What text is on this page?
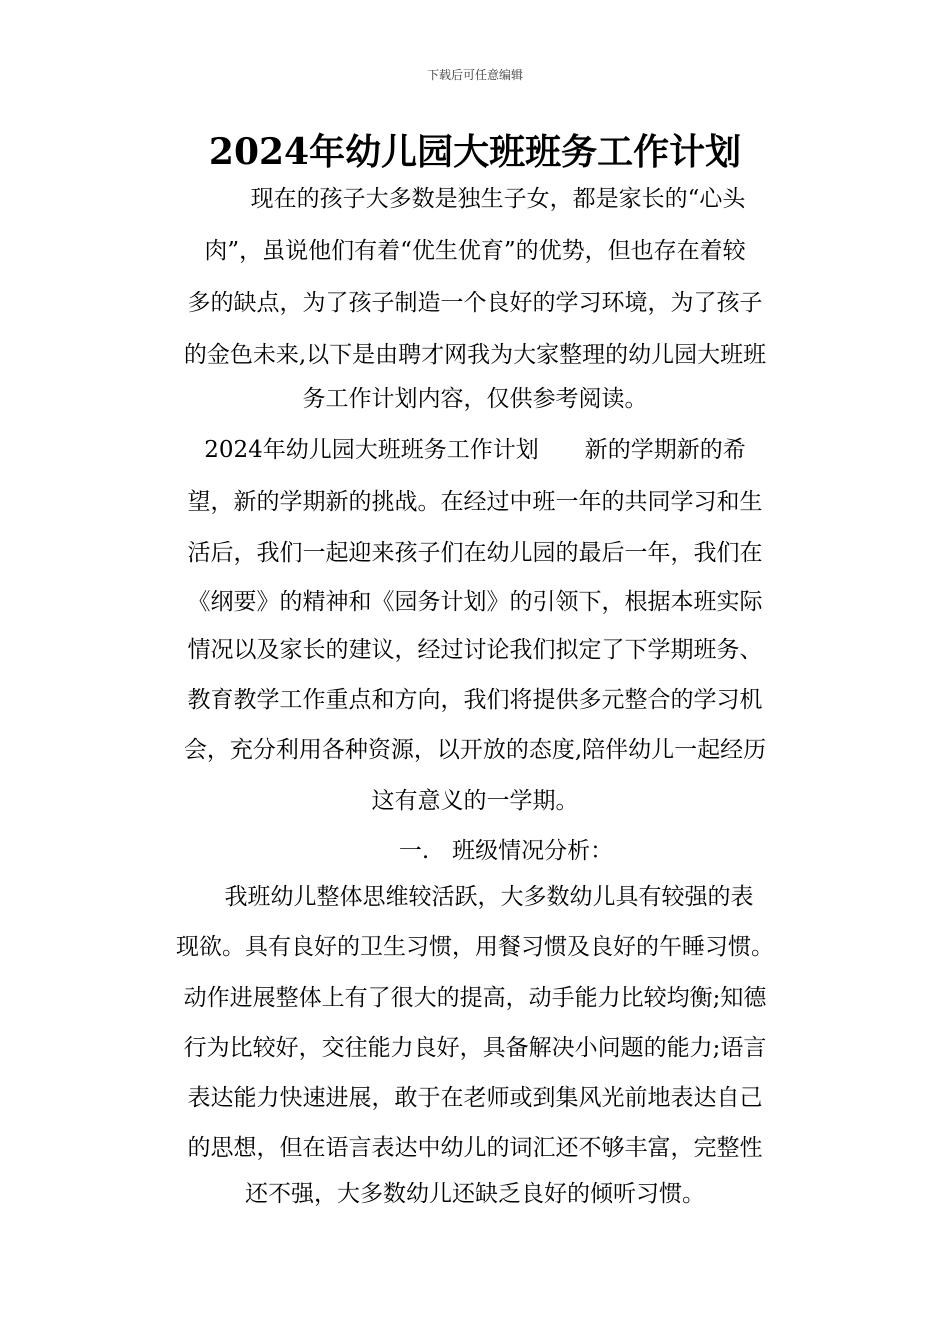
下载后可任意编辑
2024年幼儿园大班班务工作计划
现在的孩子大多数是独生子女，都是家长的“心头
肉”，虽说他们有着“优生优育”的优势，但也存在着较
多的缺点，为了孩子制造一个良好的学习环境，为了孩子
的金色未来,以下是由聘才网我为大家整理的幼儿园大班班
务工作计划内容，仅供参考阅读。
2024年幼儿园大班班务工作计划　　新的学期新的希
望，新的学期新的挑战。在经过中班一年的共同学习和生
活后，我们一起迎来孩子们在幼儿园的最后一年，我们在
《纲要》的精神和《园务计划》的引领下，根据本班实际
情况以及家长的建议，经过讨论我们拟定了下学期班务、
教育教学工作重点和方向，我们将提供多元整合的学习机
会，充分利用各种资源，以开放的态度,陪伴幼儿一起经历
这有意义的一学期。
一.　班级情况分析：
我班幼儿整体思维较活跃，大多数幼儿具有较强的表
现欲。具有良好的卫生习惯，用餐习惯及良好的午睡习惯。
动作进展整体上有了很大的提高，动手能力比较均衡;知德
行为比较好，交往能力良好，具备解决小问题的能力;语言
表达能力快速进展，敢于在老师或到集风光前地表达自己
的思想，但在语言表达中幼儿的词汇还不够丰富，完整性
还不强，大多数幼儿还缺乏良好的倾听习惯。
